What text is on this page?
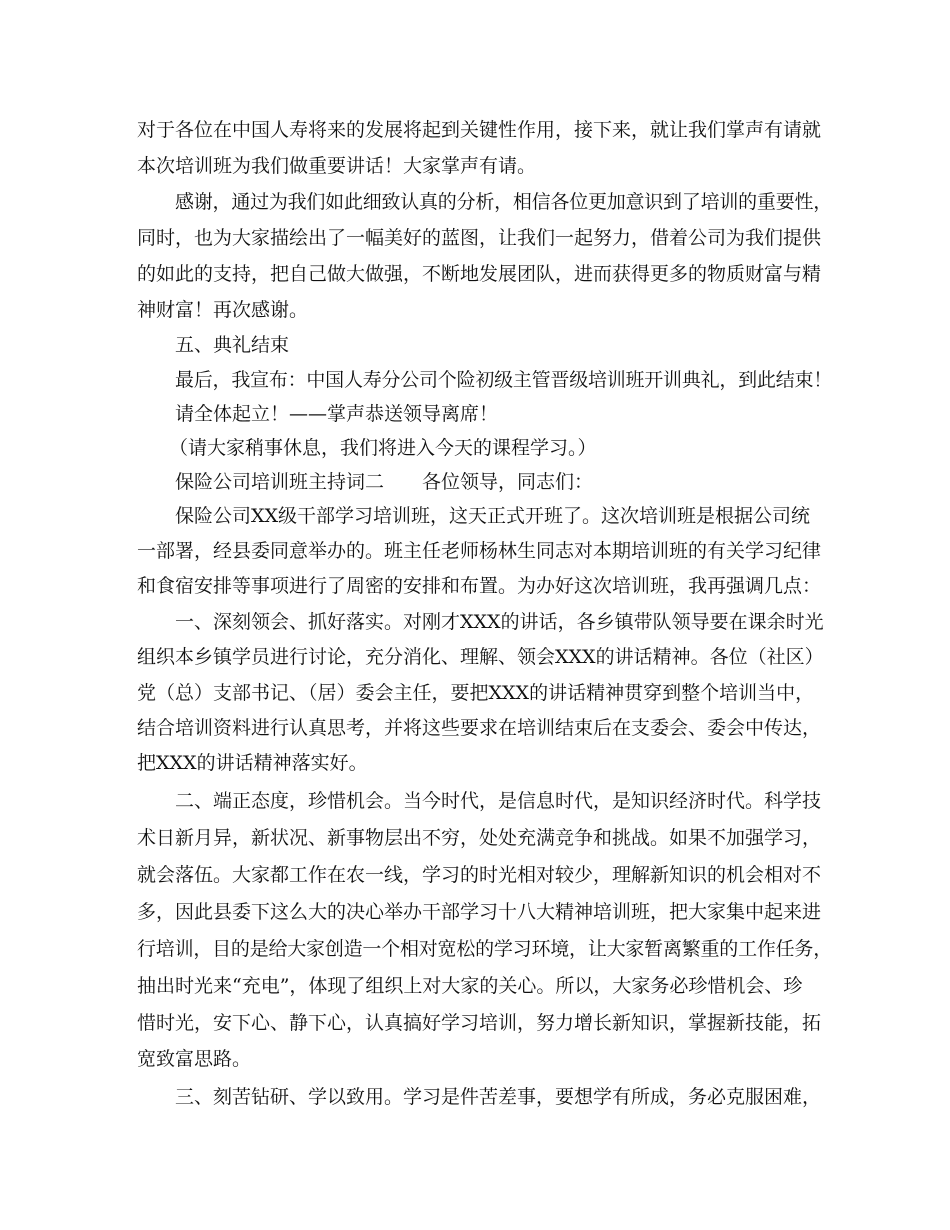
对于各位在中国人寿将来的发展将起到关键性作用，接下来，就让我们掌声有请就
本次培训班为我们做重要讲话！大家掌声有请。
感谢，通过为我们如此细致认真的分析，相信各位更加意识到了培训的重要性，
同时，也为大家描绘出了一幅美好的蓝图，让我们一起努力，借着公司为我们提供
的如此的支持，把自己做大做强，不断地发展团队，进而获得更多的物质财富与精
神财富！再次感谢。
五、典礼结束
最后，我宣布：中国人寿分公司个险初级主管晋级培训班开训典礼，到此结束！
请全体起立！——掌声恭送领导离席！
（请大家稍事休息，我们将进入今天的课程学习。）
保险公司培训班主持词二　　各位领导，同志们：
保险公司XX级干部学习培训班，这天正式开班了。这次培训班是根据公司统
一部署，经县委同意举办的。班主任老师杨林生同志对本期培训班的有关学习纪律
和食宿安排等事项进行了周密的安排和布置。为办好这次培训班，我再强调几点：
一、深刻领会、抓好落实。对刚才XXX的讲话，各乡镇带队领导要在课余时光
组织本乡镇学员进行讨论，充分消化、理解、领会XXX的讲话精神。各位（社区）
党（总）支部书记、（居）委会主任，要把XXX的讲话精神贯穿到整个培训当中，
结合培训资料进行认真思考，并将这些要求在培训结束后在支委会、委会中传达，
把XXX的讲话精神落实好。
二、端正态度，珍惜机会。当今时代，是信息时代，是知识经济时代。科学技
术日新月异，新状况、新事物层出不穷，处处充满竞争和挑战。如果不加强学习，
就会落伍。大家都工作在农一线，学习的时光相对较少，理解新知识的机会相对不
多，因此县委下这么大的决心举办干部学习十八大精神培训班，把大家集中起来进
行培训，目的是给大家创造一个相对宽松的学习环境，让大家暂离繁重的工作任务，
抽出时光来“充电”，体现了组织上对大家的关心。所以，大家务必珍惜机会、珍
惜时光，安下心、静下心，认真搞好学习培训，努力增长新知识，掌握新技能，拓
宽致富思路。
三、刻苦钻研、学以致用。学习是件苦差事，要想学有所成，务必克服困难，
